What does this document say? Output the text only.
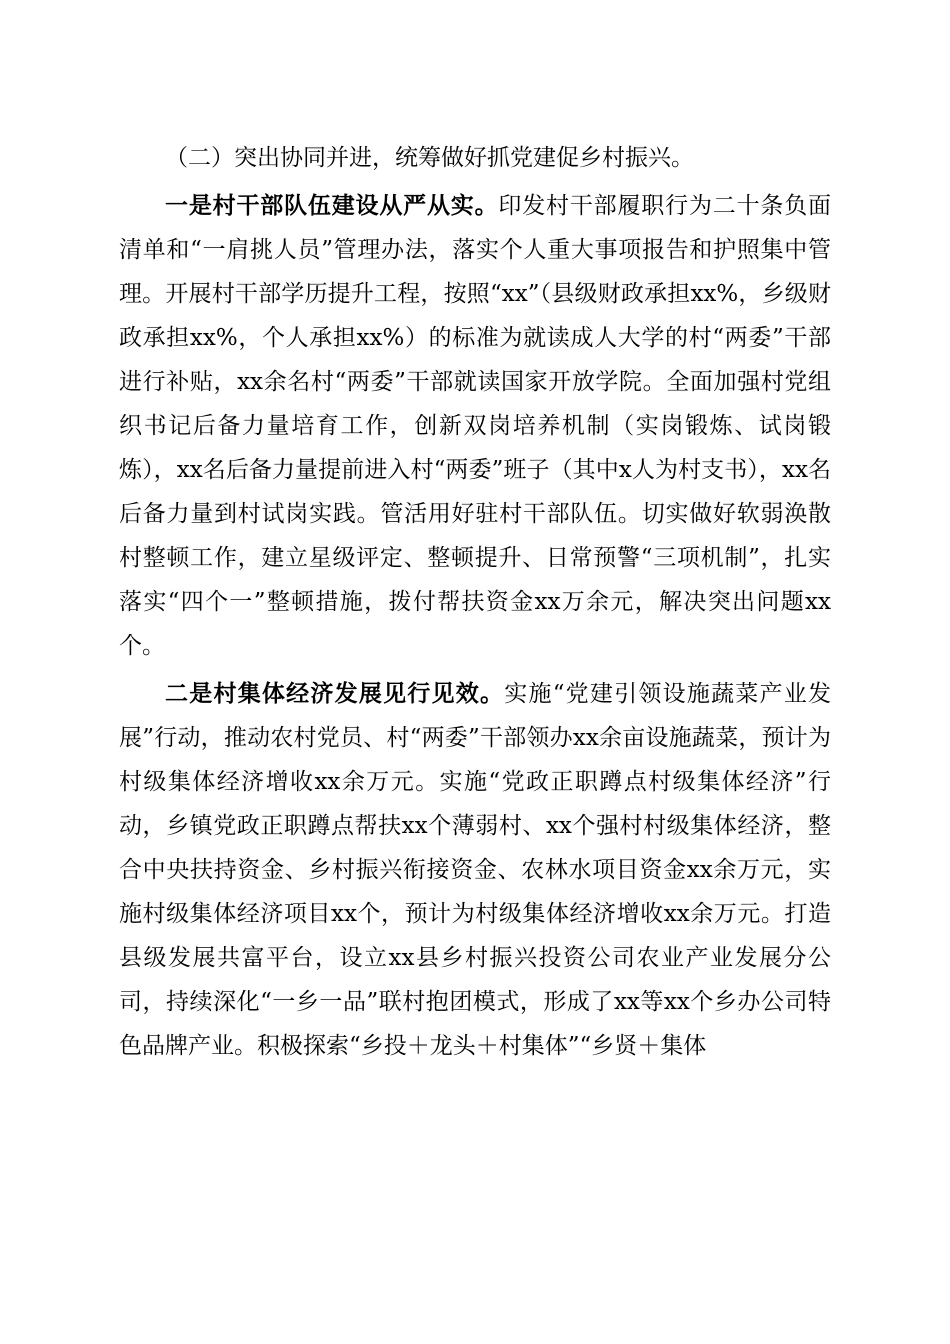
（二）突出协同并进，统筹做好抓党建促乡村振兴。

一是村干部队伍建设从严从实。印发村干部履职行为二十条负面清单和“一肩挑人员”管理办法，落实个人重大事项报告和护照集中管理。开展村干部学历提升工程，按照“xx”（县级财政承担xx%，乡级财政承担xx%，个人承担xx%）的标准为就读成人大学的村“两委”干部进行补贴，xx余名村“两委”干部就读国家开放学院。全面加强村党组织书记后备力量培育工作，创新双岗培养机制（实岗锻炼、试岗锻炼），xx名后备力量提前进入村“两委”班子（其中x人为村支书），xx名后备力量到村试岗实践。管活用好驻村干部队伍。切实做好软弱涣散村整顿工作，建立星级评定、整顿提升、日常预警“三项机制”，扎实落实“四个一”整顿措施，拨付帮扶资金xx万余元，解决突出问题xx个。

二是村集体经济发展见行见效。实施“党建引领设施蔬菜产业发展”行动，推动农村党员、村“两委”干部领办xx余亩设施蔬菜，预计为村级集体经济增收xx余万元。实施“党政正职蹲点村级集体经济”行动，乡镇党政正职蹲点帮扶xx个薄弱村、xx个强村村级集体经济，整合中央扶持资金、乡村振兴衔接资金、农林水项目资金xx余万元，实施村级集体经济项目xx个，预计为村级集体经济增收xx余万元。打造县级发展共富平台，设立xx县乡村振兴投资公司农业产业发展分公司，持续深化“一乡一品”联村抱团模式，形成了xx等xx个乡办公司特色品牌产业。积极探索“乡投＋龙头＋村集体”“乡贤＋集体
